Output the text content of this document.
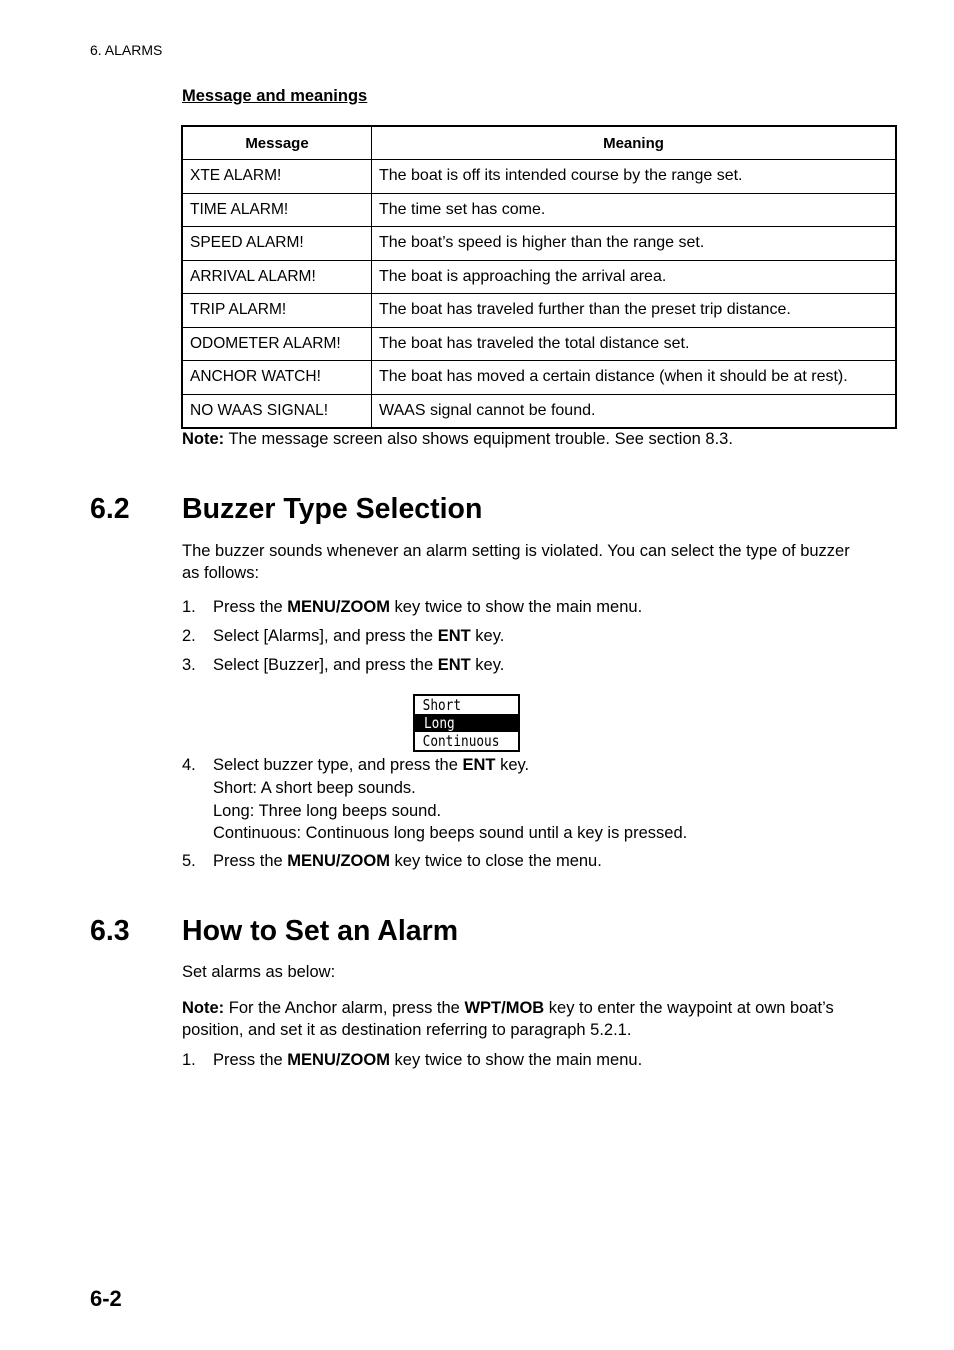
6. ALARMS
Message and meanings
Message	Meaning
XTE ALARM!	The boat is off its intended course by the range set.
TIME ALARM!	The time set has come.
SPEED ALARM!	The boat’s speed is higher than the range set.
ARRIVAL ALARM!	The boat is approaching the arrival area.
TRIP ALARM!	The boat has traveled further than the preset trip distance.
ODOMETER ALARM!	The boat has traveled the total distance set.
ANCHOR WATCH!	The boat has moved a certain distance (when it should be at rest).
NO WAAS SIGNAL!	WAAS signal cannot be found.
Note: The message screen also shows equipment trouble. See section 8.3.
6.2 Buzzer Type Selection
The buzzer sounds whenever an alarm setting is violated. You can select the type of buzzer as follows:
1. Press the MENU/ZOOM key twice to show the main menu.
2. Select [Alarms], and press the ENT key.
3. Select [Buzzer], and press the ENT key.
4. Select buzzer type, and press the ENT key.
5. Press the MENU/ZOOM key twice to close the menu.
Short
Long
Continuous
Short: A short beep sounds.
Long: Three long beeps sound.
Continuous: Continuous long beeps sound until a key is pressed.
6.3 How to Set an Alarm
Set alarms as below:
Note: For the Anchor alarm, press the WPT/MOB key to enter the waypoint at own boat’s position, and set it as destination referring to paragraph 5.2.1.
1. Press the MENU/ZOOM key twice to show the main menu.
6-2
